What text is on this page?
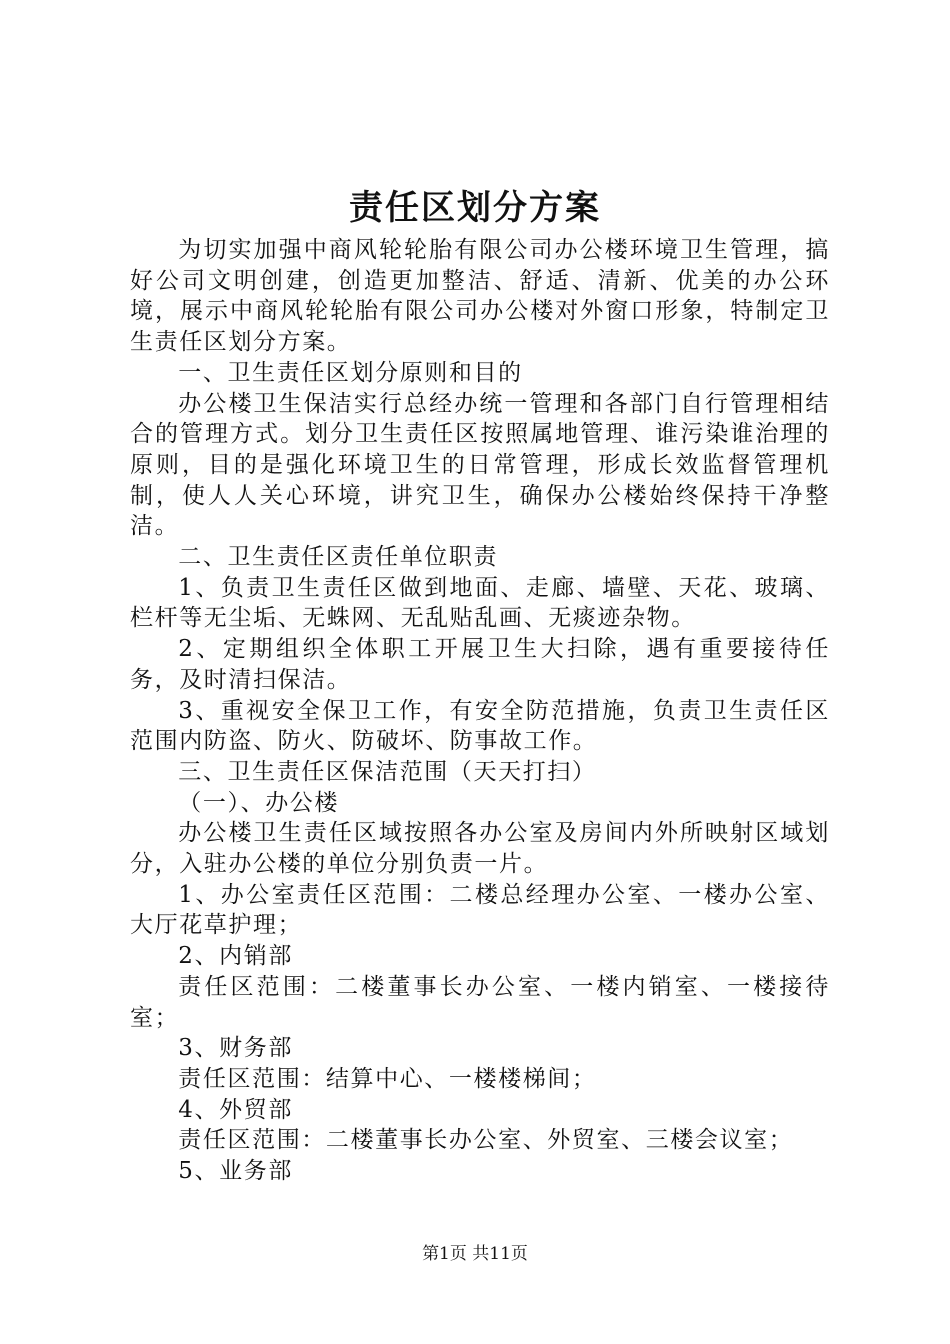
责任区划分方案

为切实加强中商风轮轮胎有限公司办公楼环境卫生管理，搞好公司文明创建，创造更加整洁、舒适、清新、优美的办公环境，展示中商风轮轮胎有限公司办公楼对外窗口形象，特制定卫生责任区划分方案。

一、卫生责任区划分原则和目的

办公楼卫生保洁实行总经办统一管理和各部门自行管理相结合的管理方式。划分卫生责任区按照属地管理、谁污染谁治理的原则，目的是强化环境卫生的日常管理，形成长效监督管理机制，使人人关心环境，讲究卫生，确保办公楼始终保持干净整洁。

二、卫生责任区责任单位职责

1、负责卫生责任区做到地面、走廊、墙壁、天花、玻璃、栏杆等无尘垢、无蛛网、无乱贴乱画、无痰迹杂物。

2、定期组织全体职工开展卫生大扫除，遇有重要接待任务，及时清扫保洁。

3、重视安全保卫工作，有安全防范措施，负责卫生责任区范围内防盗、防火、防破坏、防事故工作。

三、卫生责任区保洁范围（天天打扫）

（一）、办公楼

办公楼卫生责任区域按照各办公室及房间内外所映射区域划分，入驻办公楼的单位分别负责一片。

1、办公室责任区范围：二楼总经理办公室、一楼办公室、大厅花草护理；

2、内销部

责任区范围：二楼董事长办公室、一楼内销室、一楼接待室；

3、财务部

责任区范围：结算中心、一楼楼梯间；

4、外贸部

责任区范围：二楼董事长办公室、外贸室、三楼会议室；

5、业务部

第1页 共11页
